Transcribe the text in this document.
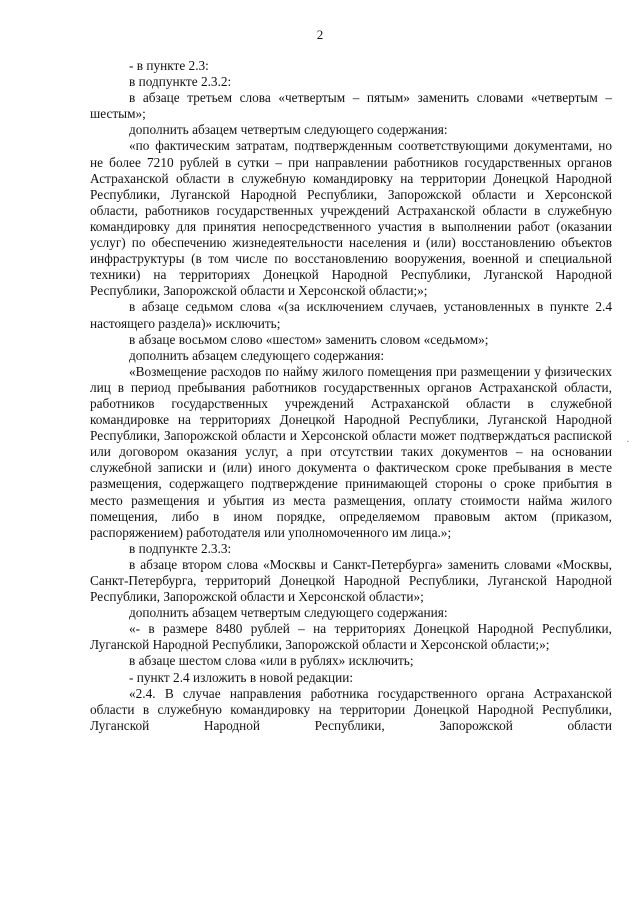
2
·

- в пункте 2.3:

в подпункте 2.3.2:

в абзаце третьем слова «четвертым – пятым» заменить словами «четвертым – шестым»;

дополнить абзацем четвертым следующего содержания:

«по фактическим затратам, подтвержденным соответствующими документами, но не более 7210 рублей в сутки – при направлении работников государственных органов Астраханской области в служебную командировку на территории Донецкой Народной Республики, Луганской Народной Республики, Запорожской области и Херсонской области, работников государственных учреждений Астраханской области в служебную командировку для принятия непосредственного участия в выполнении работ (оказании услуг) по обеспечению жизнедеятельности населения и (или) восстановлению объектов инфраструктуры (в том числе по восстановлению вооружения, военной и специальной техники) на территориях Донецкой Народной Республики, Луганской Народной Республики, Запорожской области и Херсонской области;»;

в абзаце седьмом слова «(за исключением случаев, установленных в пункте 2.4 настоящего раздела)» исключить;

в абзаце восьмом слово «шестом» заменить словом «седьмом»;

дополнить абзацем следующего содержания:

«Возмещение расходов по найму жилого помещения при размещении у физических лиц в период пребывания работников государственных органов Астраханской области, работников государственных учреждений Астраханской области в служебной командировке на территориях Донецкой Народной Республики, Луганской Народной Республики, Запорожской области и Херсонской области может подтверждаться распиской или договором оказания услуг, а при отсутствии таких документов – на основании служебной записки и (или) иного документа о фактическом сроке пребывания в месте размещения, содержащего подтверждение принимающей стороны о сроке прибытия в место размещения и убытия из места размещения, оплату стоимости найма жилого помещения, либо в ином порядке, определяемом правовым актом (приказом, распоряжением) работодателя или уполномоченного им лица.»;

в подпункте 2.3.3:

в абзаце втором слова «Москвы и Санкт-Петербурга» заменить словами «Москвы, Санкт-Петербурга, территорий Донецкой Народной Республики, Луганской Народной Республики, Запорожской области и Херсонской области»;

дополнить абзацем четвертым следующего содержания:

«- в размере 8480 рублей – на территориях Донецкой Народной Республики, Луганской Народной Республики, Запорожской области и Херсонской области;»;

в абзаце шестом слова «или в рублях» исключить;

- пункт 2.4 изложить в новой редакции:

«2.4. В случае направления работника государственного органа Астраханской области в служебную командировку на территории Донецкой Народной Республики, Луганской Народной Республики, Запорожской области
